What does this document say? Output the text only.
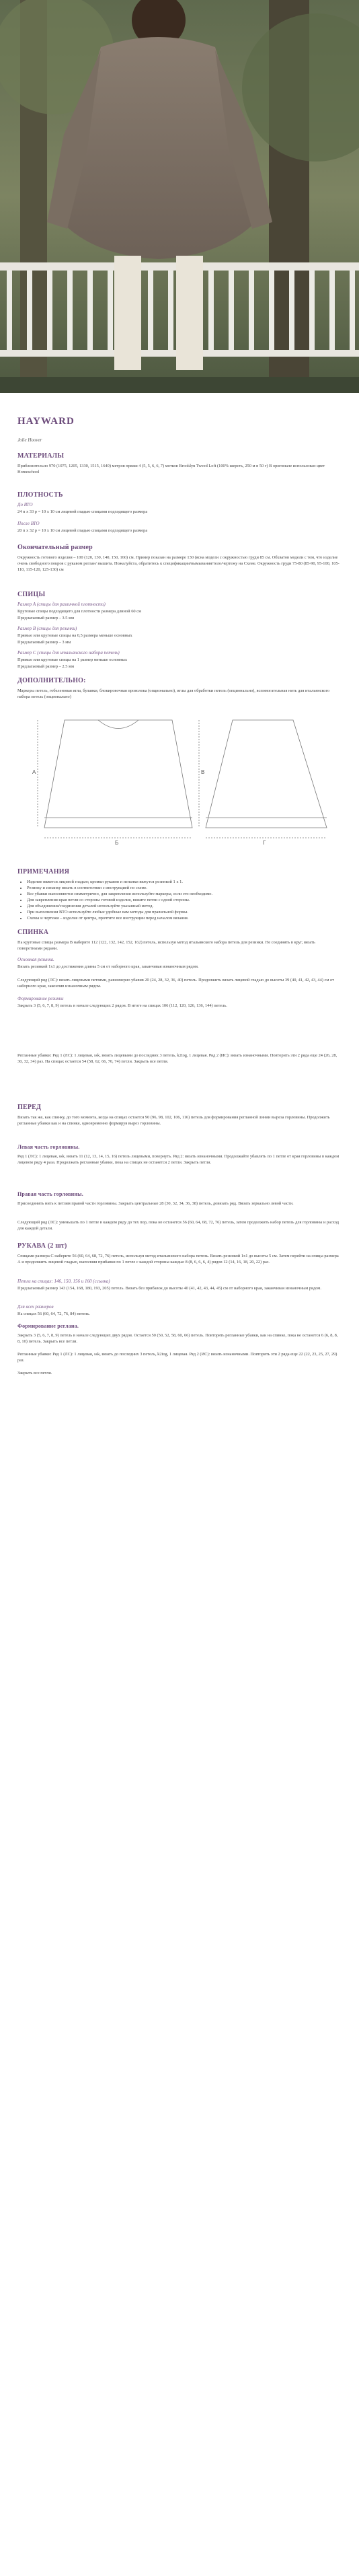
HAYWARD
Jolie Hoover
МАТЕРИАЛЫ
Приблизительно 970 (1075, 1205, 1330, 1515, 1640) метров пряжи 4 (5, 5, 6, 6, 7) мотков Brooklyn Tweed Loft (100% шерсть, 250 м в 50 г) В оригинале использован цвет Homeschool
ПЛОТНОСТЬ
До ВТО
24 п х 33 р = 10 х 10 см лицевой гладью спицами подходящего размера
После ВТО
20 п х 32 р = 10 х 10 см лицевой гладью спицами подходящего размера
Окончательный размер
Окружность готового изделия – 100 (120, 130, 140, 150, 160) см. Пример показан на размере 130 (ясна модели с окружностью груди 85 см. Обхватов модели с тем, что изделие очень свободного покроя с рукавом реглан/ вышита. Пожалуйста, обратитесь к спецификации/вымывания/тело/чертежу на Схеме. Окружность груди 75-80 (85-90, 95-100, 105-110, 115-120, 125-130) см
СПИЦЫ
Размер А (спицы для различной плотности)
Круговые спицы подходящего для плотности размера длиной 60 см
Предлагаемый размер – 3.5 мм
Размер В (спицы для резинки)
Прямые или круговые спицы на 0,5 размера меньше основных
Предлагаемый размер – 3 мм
Размер С (спицы для итальянского набора петель)
Прямые или круговые спицы на 1 размер меньше основных
Предлагаемый размер – 2.5 мм
ДОПОЛНИТЕЛЬНО:
Маркеры петель, гобеленовая игла, булавки, блокировочная проволока (опционально), иглы для обработки петель (опционально), вспомогательная нить для итальянского набора петель (опционально)
А
Б
В
Г
ПРИМЕЧАНИЯ
• Изделие вяжется лицевой гладью; кромки рукавов и изнанки вяжутся резинкой 1 х 1.
• Резинку и изнанку вязать в соответствии с инструкцией по схеме.
• Все убавки выполняются симметрично, для закрепления используйте маркеры, если это необходимо.
• Для закрепления края петли со стороны готовой изделия, вяжите петли с одной стороны.
• Для объединения/соединения деталей используйте указанный метод.
• При выполнении ВТО используйте любые удобные вам методы для правильной формы.
• Схемы и чертежи – изделие от центра, прочтите все инструкции перед началом вязания.
СПИНКА
На круговые спицы размера В наберите 112 (122, 132, 142, 152, 162) петель, используя метод итальянского набора петель для резинки. Не соединять в круг, вязать поворотными рядами.
Основная резинка.
Вязать резинкой 1х1 до достижения длины 5 см от наборного края, заканчивая изнаночным рядом.
Следующий ряд (ЛС): вязать лицевыми петлями, равномерно убавив 20 (24, 28, 32, 36, 40) петель. Продолжить вязать лицевой гладью до высоты 39 (40, 41, 42, 43, 44) см от наборного края, закончив изнаночным рядом.
Формирование резинки
Закрыть 3 (5, 6, 7, 8, 9) петель в начале следующих 2 рядов. В итоге на спицах 106 (112, 120, 126, 136, 144) петель.
Регланные убавки: Ряд 1 (ЛС): 1 лицевая, ssk, вязать лицевыми до последних 3 петель, k2tog, 1 лицевая. Ряд 2 (ИС): вязать изнаночными. Повторить эти 2 ряда еще 24 (26, 28, 30, 32, 34) раз. На спицах остается 54 (58, 62, 66, 70, 74) петли. Закрыть все петли.
ПЕРЕД
Вязать так же, как спинку, до того момента, когда на спицах остается 90 (96, 98, 102, 106, 116) петель для формирования регланной линии выреза горловины. Продолжить регланные убавки как и на спинке, одновременно формируя вырез горловины.
Левая часть горловины.
Ряд 1 (ЛС): 1 лицевая, ssk, вязать 11 (12, 13, 14, 15, 16) петель лицевыми, повернуть. Ряд 2: вязать изнаночными. Продолжайте убавлять по 1 петле от края горловины в каждом лицевом ряду 4 раза. Продолжать регланные убавки, пока на спицах не останется 2 петли. Закрыть петли.
Правая часть горловины.
Присоединить нить к петлям правой части горловины. Закрыть центральные 28 (30, 32, 34, 36, 38) петель, довязать ряд. Вязать зеркально левой части.
Следующий ряд (ЛС): уменьшать по 1 петле в каждом ряду до тех пор, пока не останется 56 (60, 64, 68, 72, 76) петель, затем продолжить набор петель для горловины и расход для каждой детали.
РУКАВА (2 шт)
Спицами размера С наберите 56 (60, 64, 68, 72, 76) петель, используя метод итальянского набора петель. Вязать резинкой 1х1 до высоты 5 см. Затем перейти на спицы размера А и продолжить лицевой гладью, выполняя прибавки по 1 петле с каждой стороны каждые 8 (8, 6, 6, 6, 4) рядов 12 (14, 16, 18, 20, 22) раз.
Петли на спицах: 146, 150, 156 и 160 (ссылка)
Предлагаемый размер 143 (154, 168, 180, 193, 205) петель. Вязать без прибавок до высоты 40 (41, 42, 43, 44, 45) см от наборного края, заканчивая изнаночным рядом.
Для всех размеров
На спицах 56 (60, 64, 72, 76, 84) петель.
Формирование реглана.
Закрыть 3 (5, 6, 7, 8, 9) петель в начале следующих двух рядов. Остается 50 (50, 52, 58, 60, 66) петель. Повторять регланные убавки, как на спинке, пока не останется 6 (6, 8, 8, 8, 10) петель. Закрыть все петли.
Регланные убавки: Ряд 1 (ЛС): 1 лицевая, ssk, вязать до последних 3 петель, k2tog, 1 лицевая. Ряд 2 (ИС): вязать изнаночными. Повторить эти 2 ряда еще 22 (22, 23, 25, 27, 29) раз.
Закрыть все петли.
